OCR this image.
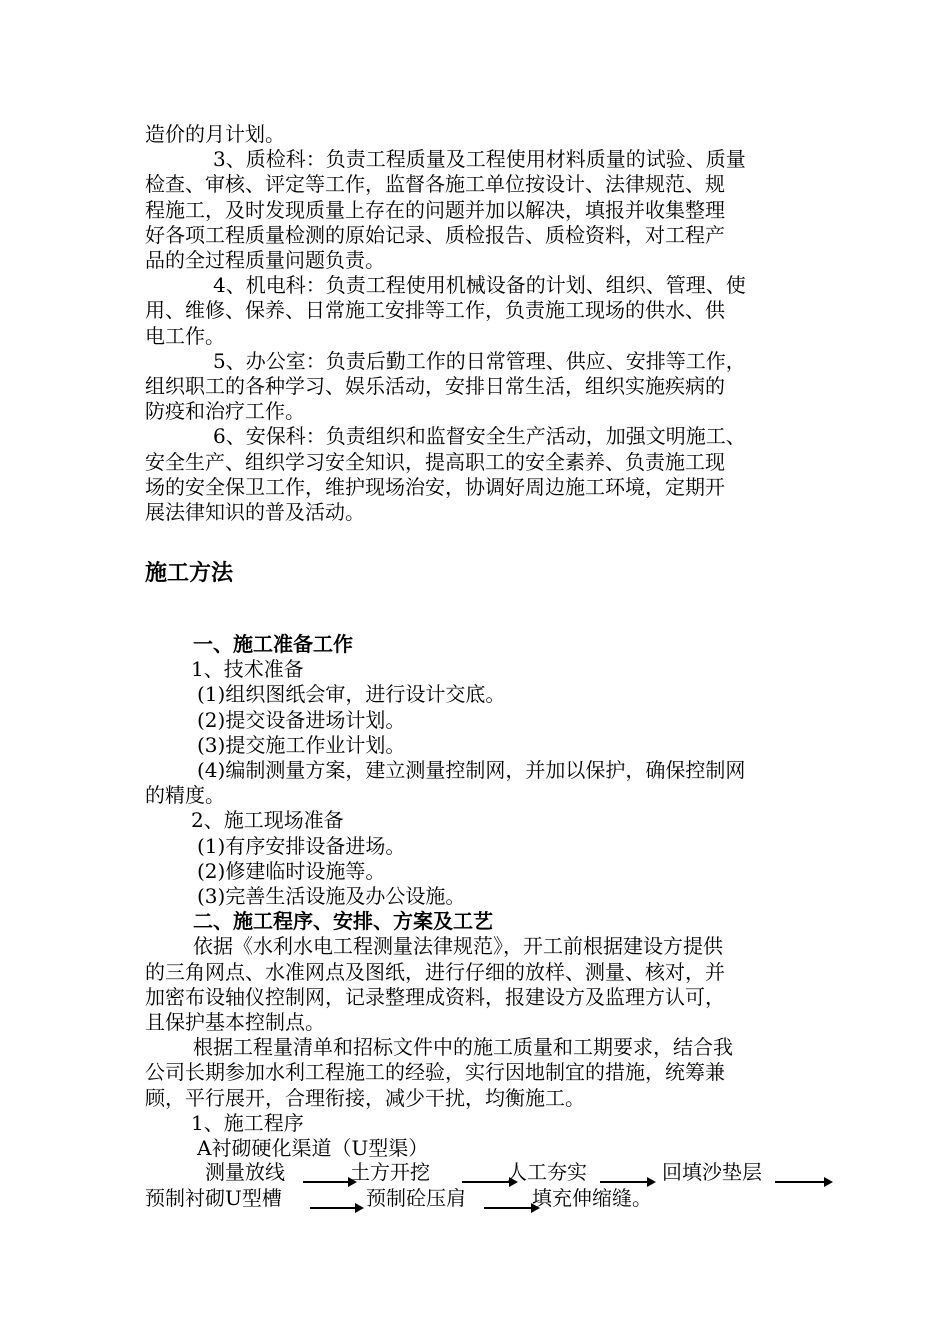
造价的月计划。

　3、质检科：负责工程质量及工程使用材料质量的试验、质量

检查、审核、评定等工作，监督各施工单位按设计、法律规范、规

程施工，及时发现质量上存在的问题并加以解决，填报并收集整理

好各项工程质量检测的原始记录、质检报告、质检资料，对工程产

品的全过程质量问题负责。

　4、机电科：负责工程使用机械设备的计划、组织、管理、使

用、维修、保养、日常施工安排等工作，负责施工现场的供水、供

电工作。

　5、办公室：负责后勤工作的日常管理、供应、安排等工作，

组织职工的各种学习、娱乐活动，安排日常生活，组织实施疾病的

防疫和治疗工作。

　6、安保科：负责组织和监督安全生产活动，加强文明施工、

安全生产、组织学习安全知识，提高职工的安全素养、负责施工现

场的安全保卫工作，维护现场治安，协调好周边施工环境，定期开

展法律知识的普及活动。

施工方法

一、施工准备工作

1、技术准备

(1)组织图纸会审，进行设计交底。

(2)提交设备进场计划。

(3)提交施工作业计划。

(4)编制测量方案，建立测量控制网，并加以保护，确保控制网

的精度。

2、施工现场准备

(1)有序安排设备进场。

(2)修建临时设施等。

(3)完善生活设施及办公设施。

二、施工程序、安排、方案及工艺

依据《水利水电工程测量法律规范》，开工前根据建设方提供

的三角网点、水准网点及图纸，进行仔细的放样、测量、核对，并

加密布设轴仪控制网，记录整理成资料，报建设方及监理方认可，

且保护基本控制点。

根据工程量清单和招标文件中的施工质量和工期要求，结合我

公司长期参加水利工程施工的经验，实行因地制宜的措施，统筹兼

顾，平行展开，合理衔接，减少干扰，均衡施工。

1、施工程序

A衬砌硬化渠道（U型渠）

测量放线	土方开挖	人工夯实	回填沙垫层
预制衬砌U型槽	预制砼压肩	填充伸缩缝。
